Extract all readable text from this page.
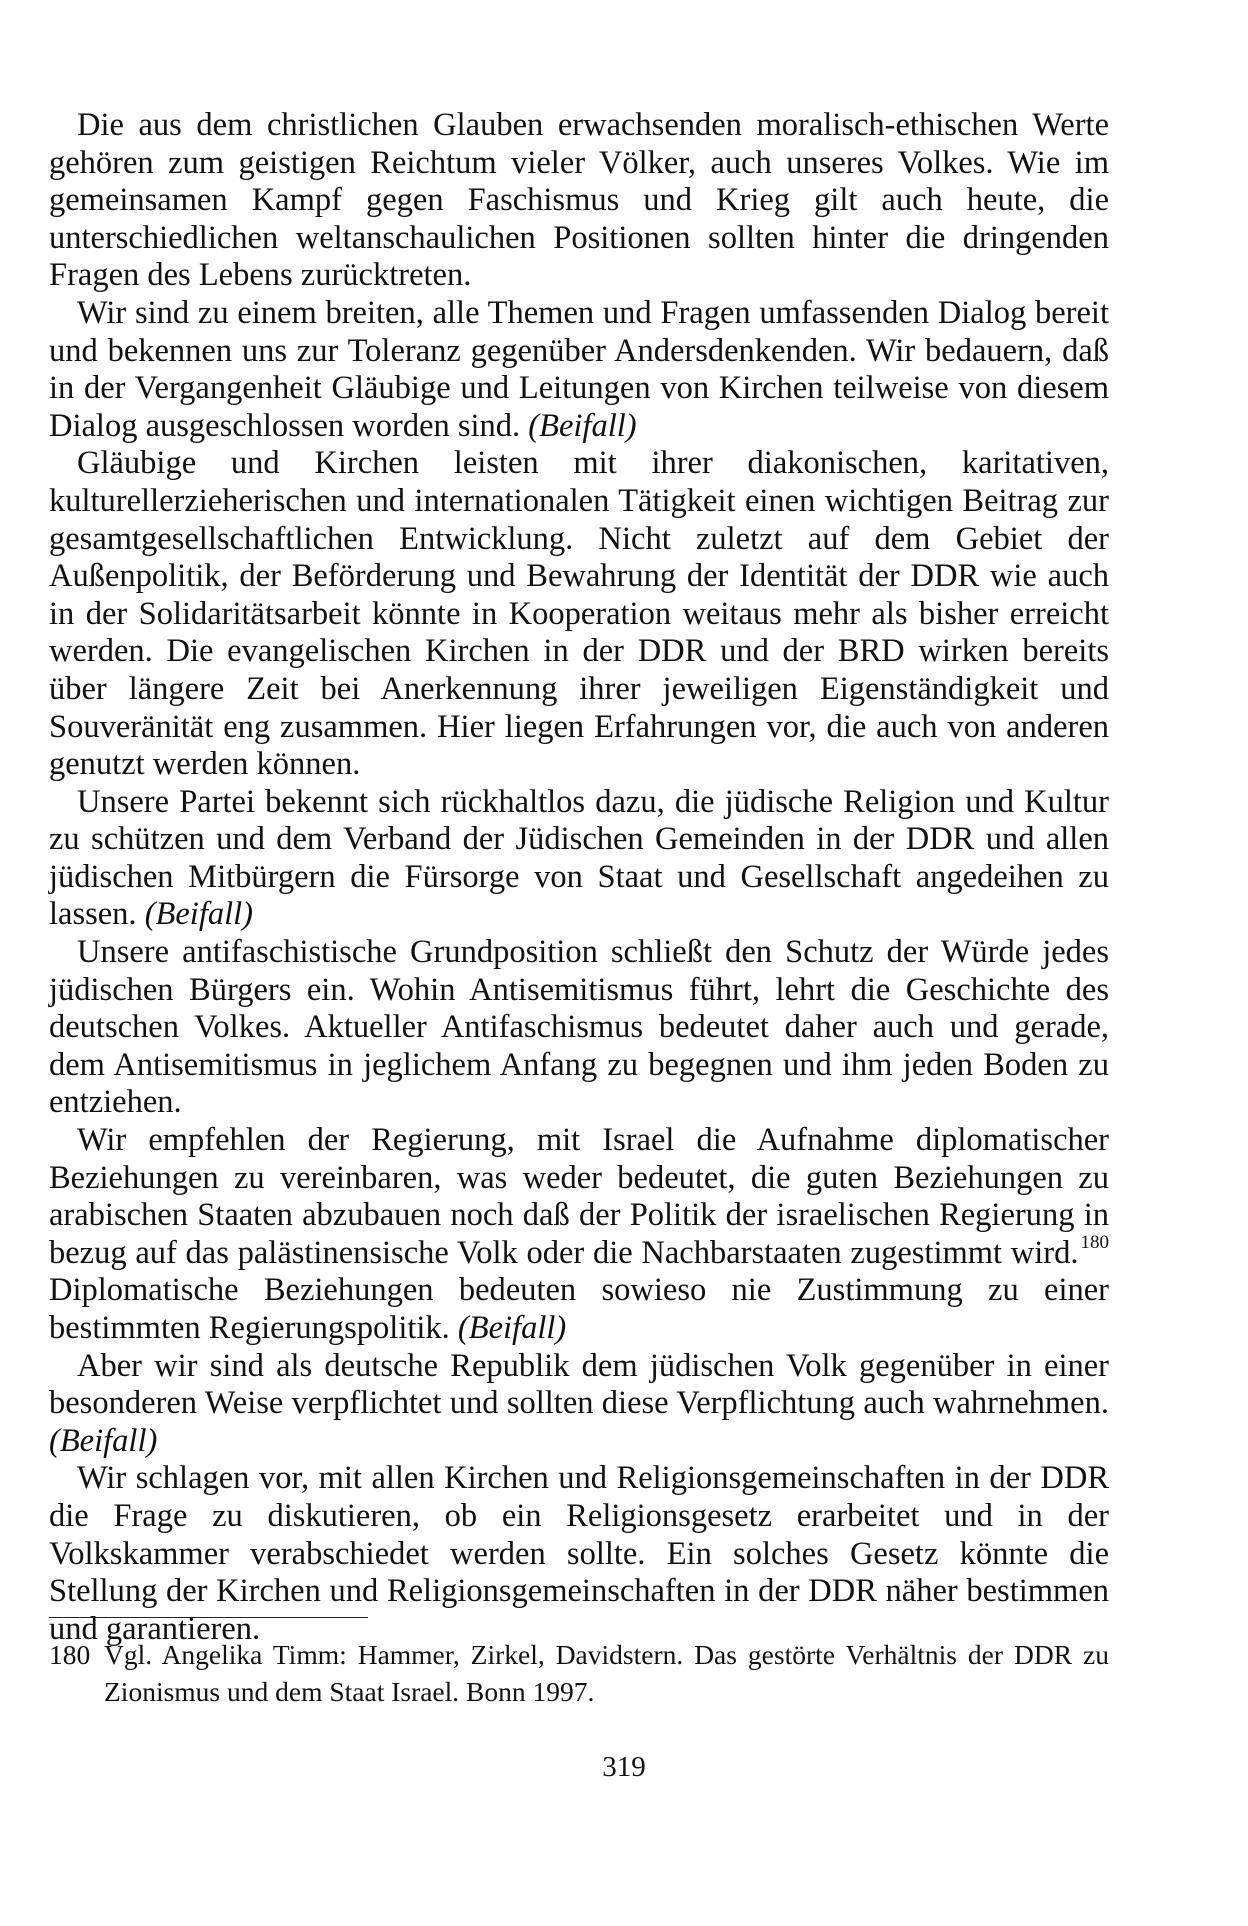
Die aus dem christlichen Glauben erwachsenden moralisch-ethischen Werte gehören zum geistigen Reichtum vieler Völker, auch unseres Volkes. Wie im gemeinsamen Kampf gegen Faschismus und Krieg gilt auch heute, die unterschiedlichen weltanschaulichen Positionen sollten hinter die dringenden Fragen des Lebens zurücktreten.

Wir sind zu einem breiten, alle Themen und Fragen umfassenden Dialog bereit und bekennen uns zur Toleranz gegenüber Andersdenkenden. Wir bedauern, daß in der Vergangenheit Gläubige und Leitungen von Kirchen teilweise von diesem Dialog ausgeschlossen worden sind. (Beifall)

Gläubige und Kirchen leisten mit ihrer diakonischen, karitativen, kulturellerzieherischen und internationalen Tätigkeit einen wichtigen Beitrag zur gesamtgesellschaftlichen Entwicklung. Nicht zuletzt auf dem Gebiet der Außenpolitik, der Beförderung und Bewahrung der Identität der DDR wie auch in der Solidaritätsarbeit könnte in Kooperation weitaus mehr als bisher erreicht werden. Die evangelischen Kirchen in der DDR und der BRD wirken bereits über längere Zeit bei Anerkennung ihrer jeweiligen Eigenständigkeit und Souveränität eng zusammen. Hier liegen Erfahrungen vor, die auch von anderen genutzt werden können.

Unsere Partei bekennt sich rückhaltlos dazu, die jüdische Religion und Kultur zu schützen und dem Verband der Jüdischen Gemeinden in der DDR und allen jüdischen Mitbürgern die Fürsorge von Staat und Gesellschaft angedeihen zu lassen. (Beifall)

Unsere antifaschistische Grundposition schließt den Schutz der Würde jedes jüdischen Bürgers ein. Wohin Antisemitismus führt, lehrt die Geschichte des deutschen Volkes. Aktueller Antifaschismus bedeutet daher auch und gerade, dem Antisemitismus in jeglichem Anfang zu begegnen und ihm jeden Boden zu entziehen.

Wir empfehlen der Regierung, mit Israel die Aufnahme diplomatischer Beziehungen zu vereinbaren, was weder bedeutet, die guten Beziehungen zu arabischen Staaten abzubauen noch daß der Politik der israelischen Regierung in bezug auf das palästinensische Volk oder die Nachbarstaaten zugestimmt wird. $^{180}$ Diplomatische Beziehungen bedeuten sowieso nie Zustimmung zu einer bestimmten Regierungspolitik. (Beifall)

Aber wir sind als deutsche Republik dem jüdischen Volk gegenüber in einer besonderen Weise verpflichtet und sollten diese Verpflichtung auch wahrnehmen. (Beifall)

Wir schlagen vor, mit allen Kirchen und Religionsgemeinschaften in der DDR die Frage zu diskutieren, ob ein Religionsgesetz erarbeitet und in der Volkskammer verabschiedet werden sollte. Ein solches Gesetz könnte die Stellung der Kirchen und Religionsgemeinschaften in der DDR näher bestimmen und garantieren.

180 Vgl. Angelika Timm: Hammer, Zirkel, Davidstern. Das gestörte Verhältnis der DDR zu Zionismus und dem Staat Israel. Bonn 1997.

319
